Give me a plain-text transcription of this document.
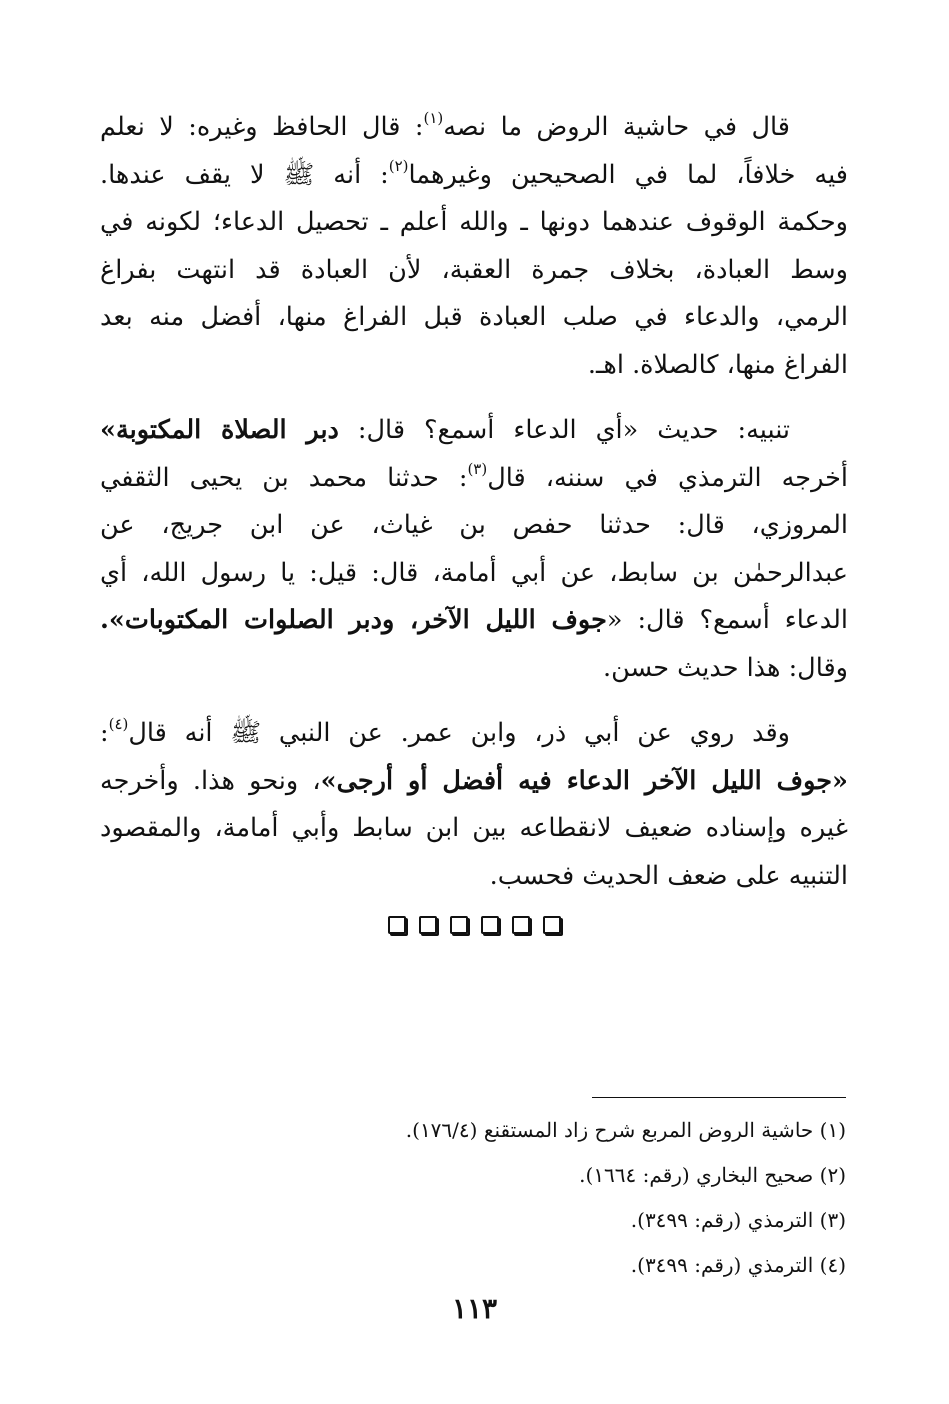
قال في حاشية الروض ما نصه$^{(١)}$: قال الحافظ وغيره: لا نعلم
فيه خلافاً، لما في الصحيحين وغيرهما$^{(٢)}$: أنه ﷺ لا يقف عندها.
وحكمة الوقوف عندهما دونها ـ والله أعلم ـ تحصيل الدعاء؛ لكونه في
وسط العبادة، بخلاف جمرة العقبة، لأن العبادة قد انتهت بفراغ
الرمي، والدعاء في صلب العبادة قبل الفراغ منها، أفضل منه بعد
الفراغ منها، كالصلاة. اهـ.
تنبيه: حديث «أي الدعاء أسمع؟ قال: دبر الصلاة المكتوبة»
أخرجه الترمذي في سننه، قال$^{(٣)}$: حدثنا محمد بن يحيى الثقفي
المروزي، قال: حدثنا حفص بن غياث، عن ابن جريج، عن
عبدالرحمٰن بن سابط، عن أبي أمامة، قال: قيل: يا رسول الله، أي
الدعاء أسمع؟ قال: «جوف الليل الآخر، ودبر الصلوات المكتوبات».
وقال: هذا حديث حسن.
وقد روي عن أبي ذر، وابن عمر. عن النبي ﷺ أنه قال$^{(٤)}$:
«جوف الليل الآخر الدعاء فيه أفضل أو أرجى»، ونحو هذا. وأخرجه
غيره وإسناده ضعيف لانقطاعه بين ابن سابط وأبي أمامة، والمقصود
التنبيه على ضعف الحديث فحسب.
(١) حاشية الروض المربع شرح زاد المستقنع (١٧٦/٤).
(٢) صحيح البخاري (رقم: ١٦٦٤).
(٣) الترمذي (رقم: ٣٤٩٩).
(٤) الترمذي (رقم: ٣٤٩٩).
١١٣
